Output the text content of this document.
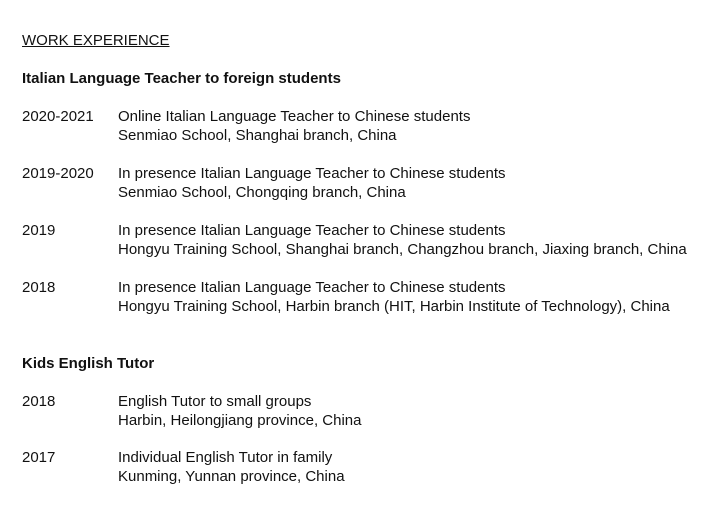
WORK EXPERIENCE
Italian Language Teacher to foreign students
2020-2021	Online Italian Language Teacher to Chinese students
Senmiao School, Shanghai branch, China
2019-2020	In presence Italian Language Teacher to Chinese students
Senmiao School, Chongqing branch, China
2019	In presence Italian Language Teacher to Chinese students
Hongyu Training School, Shanghai branch, Changzhou branch, Jiaxing branch, China
2018	In presence Italian Language Teacher to Chinese students
Hongyu Training School, Harbin branch (HIT, Harbin Institute of Technology), China
Kids English Tutor
2018	English Tutor to small groups
Harbin, Heilongjiang province, China
2017	Individual English Tutor in family
Kunming, Yunnan province, China
